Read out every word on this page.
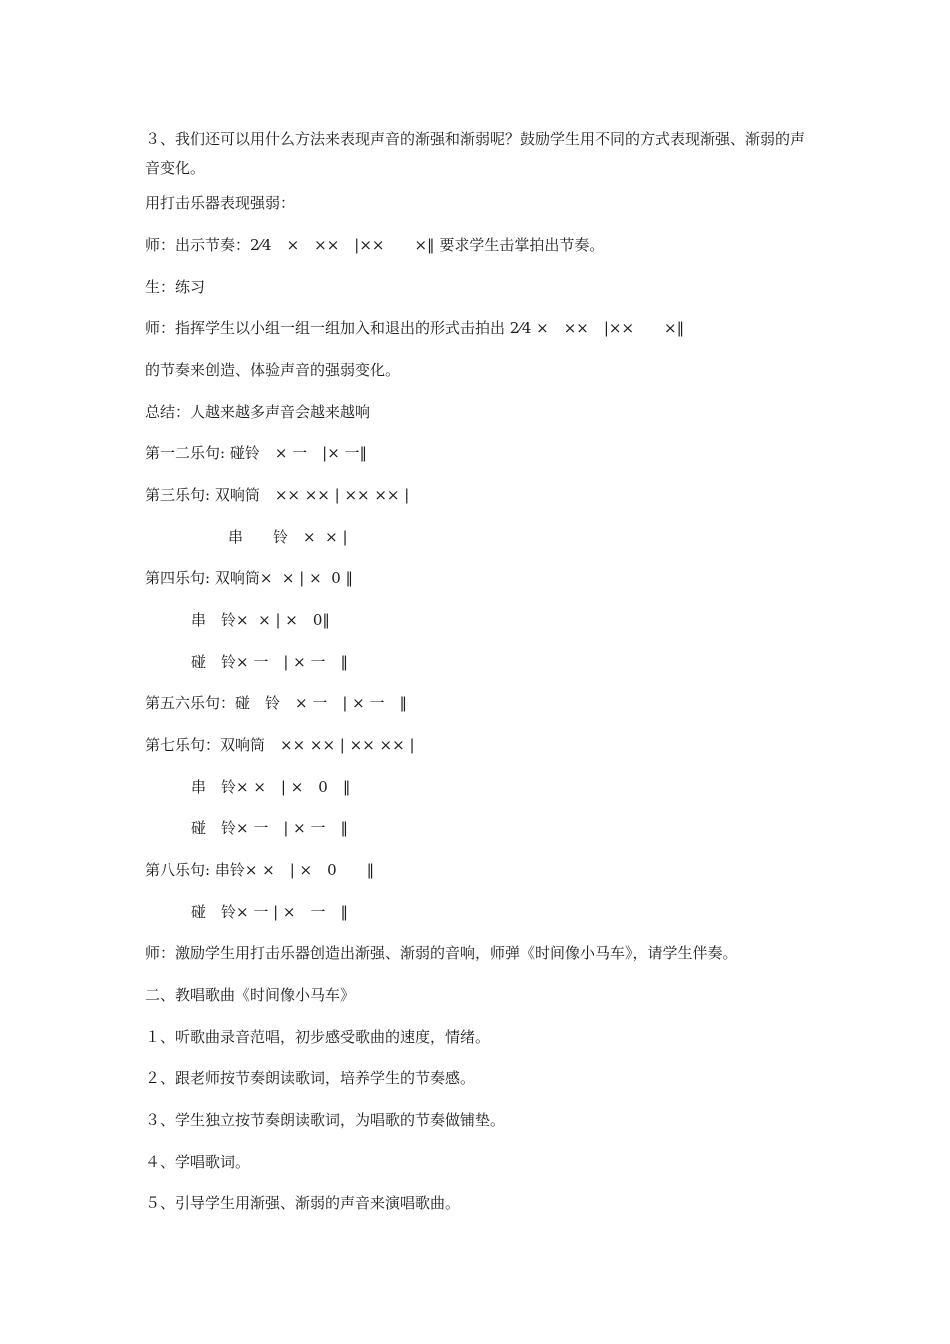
３、我们还可以用什么方法来表现声音的渐强和渐弱呢？鼓励学生用不同的方式表现渐强、渐弱的声音变化。
用打击乐器表现强弱：
师：出示节奏：2⁄4　×　××　|××　　×‖ 要求学生击掌拍出节奏。
生：练习
师：指挥学生以小组一组一组加入和退出的形式击拍出 2⁄4 ×　××　|××　　×‖
的节奏来创造、体验声音的强弱变化。
总结：人越来越多声音会越来越响
第一二乐句: 碰铃　× 一　|× 一‖
第三乐句: 双响筒　×× ×× | ×× ×× |
串　　铃　×  × |
第四乐句: 双响筒×  × | ×  0 ‖
串　铃×  × | ×　0‖
碰　铃× 一　| × 一　‖
第五六乐句：碰　铃　× 一　| × 一　‖
第七乐句：双响筒　×× ×× | ×× ×× |
串　铃× ×　| ×　0　‖
碰　铃× 一　| × 一　‖
第八乐句: 串铃× ×　| ×　0　　‖
碰　铃× 一 | ×　一　‖
师：激励学生用打击乐器创造出渐强、渐弱的音响，师弹《时间像小马车》，请学生伴奏。
二、教唱歌曲《时间像小马车》
１、听歌曲录音范唱，初步感受歌曲的速度，情绪。
２、跟老师按节奏朗读歌词，培养学生的节奏感。
３、学生独立按节奏朗读歌词，为唱歌的节奏做铺垫。
４、学唱歌词。
５、引导学生用渐强、渐弱的声音来演唱歌曲。
